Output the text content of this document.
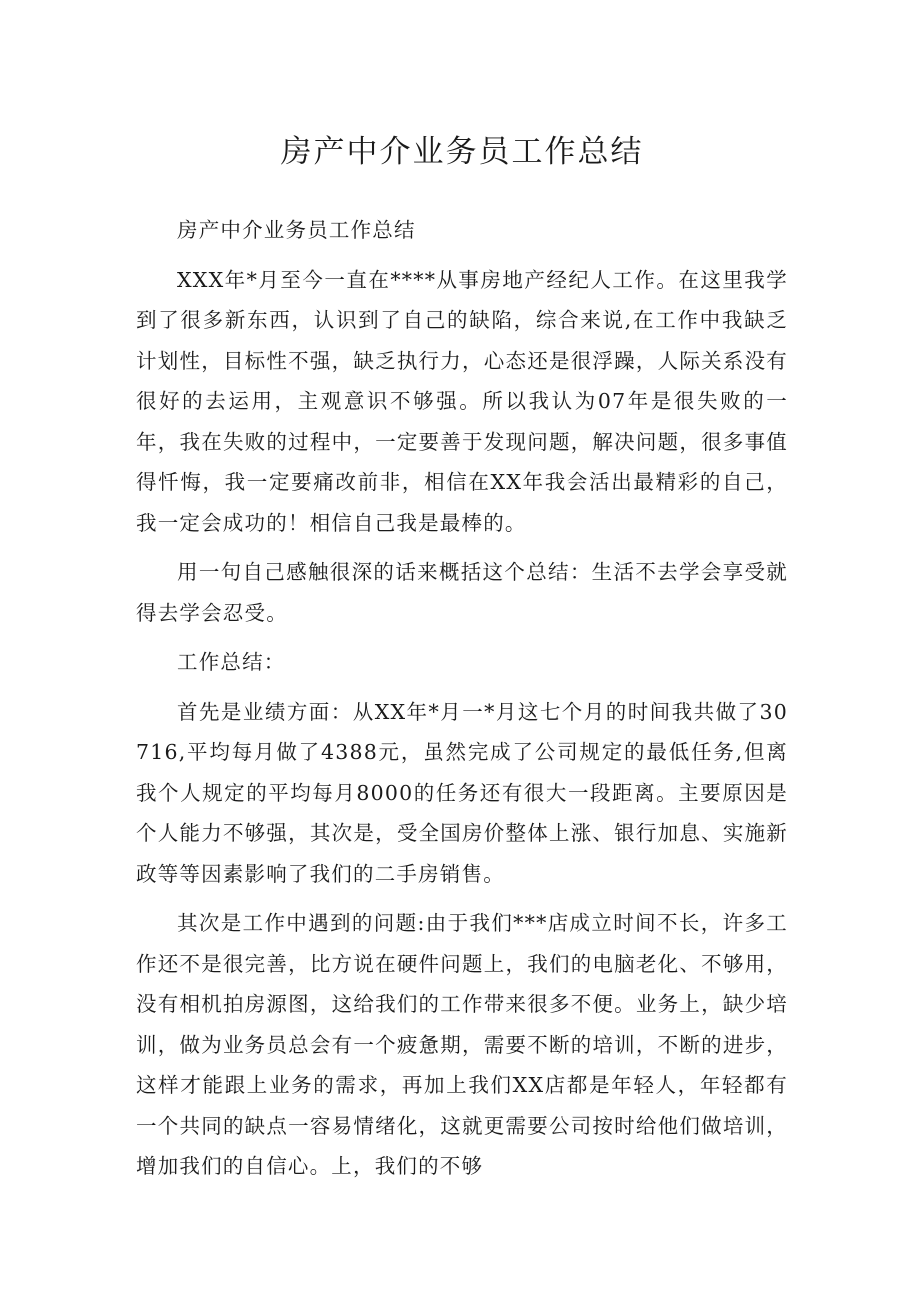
房产中介业务员工作总结

房产中介业务员工作总结

XXX年*月至今一直在****从事房地产经纪人工作。在这里我学到了很多新东西，认识到了自己的缺陷，综合来说,在工作中我缺乏计划性，目标性不强，缺乏执行力，心态还是很浮躁，人际关系没有很好的去运用，主观意识不够强。所以我认为07年是很失败的一年，我在失败的过程中，一定要善于发现问题，解决问题，很多事值得忏悔，我一定要痛改前非，相信在XX年我会活出最精彩的自己，我一定会成功的！相信自己我是最棒的。

用一句自己感触很深的话来概括这个总结：生活不去学会享受就得去学会忍受。

工作总结：

首先是业绩方面：从XX年*月一*月这七个月的时间我共做了30716,平均每月做了4388元，虽然完成了公司规定的最低任务,但离我个人规定的平均每月8000的任务还有很大一段距离。主要原因是个人能力不够强，其次是，受全国房价整体上涨、银行加息、实施新政等等因素影响了我们的二手房销售。

其次是工作中遇到的问题:由于我们***店成立时间不长，许多工作还不是很完善，比方说在硬件问题上，我们的电脑老化、不够用，没有相机拍房源图，这给我们的工作带来很多不便。业务上，缺少培训，做为业务员总会有一个疲惫期，需要不断的培训，不断的进步，这样才能跟上业务的需求，再加上我们XX店都是年轻人，年轻都有一个共同的缺点一容易情绪化，这就更需要公司按时给他们做培训，增加我们的自信心。上，我们的不够
